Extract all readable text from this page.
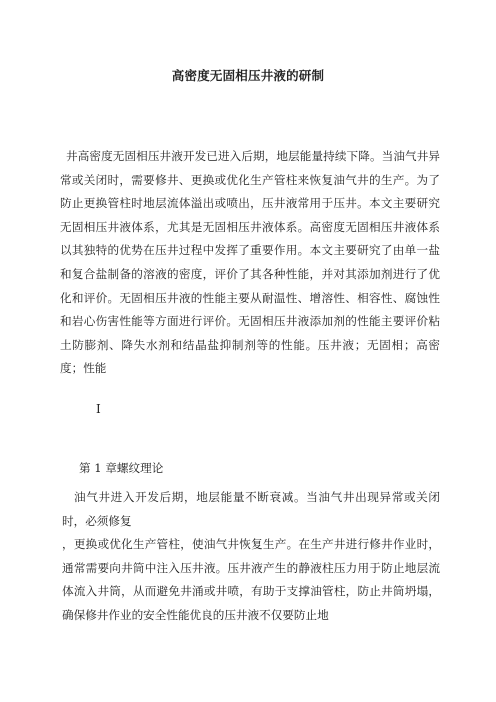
高密度无固相压井液的研制
井高密度无固相压井液开发已进入后期，地层能量持续下降。当油气井异常或关闭时，需要修井、更换或优化生产管柱来恢复油气井的生产。为了防止更换管柱时地层流体溢出或喷出，压井液常用于压井。本文主要研究无固相压井液体系，尤其是无固相压井液体系。高密度无固相压井液体系以其独特的优势在压井过程中发挥了重要作用。本文主要研究了由单一盐和复合盐制备的溶液的密度，评价了其各种性能，并对其添加剂进行了优化和评价。无固相压井液的性能主要从耐温性、增溶性、相容性、腐蚀性和岩心伤害性能等方面进行评价。无固相压井液添加剂的性能主要评价粘土防膨剂、降失水剂和结晶盐抑制剂等的性能。压井液；无固相；高密度；性能
I
第 1 章螺纹理论
油气井进入开发后期，地层能量不断衰减。当油气井出现异常或关闭时，必须修复
，更换或优化生产管柱，使油气井恢复生产。在生产井进行修井作业时，通常需要向井筒中注入压井液。压井液产生的静液柱压力用于防止地层流体流入井筒，从而避免井涌或井喷，有助于支撑油管柱，防止井筒坍塌，确保修井作业的安全性能优良的压井液不仅要防止地
